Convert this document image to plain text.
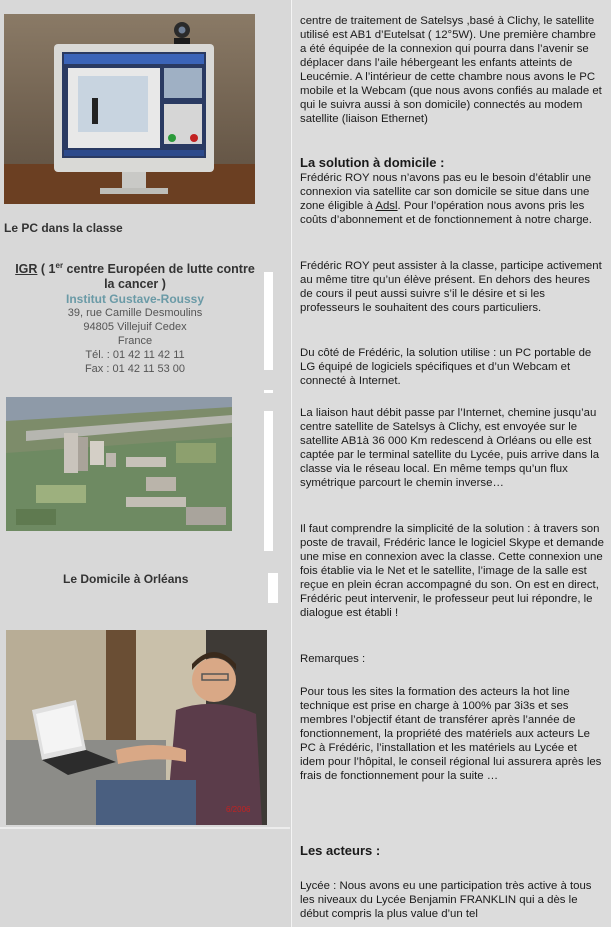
Le PC dans la classe
IGR ( 1er centre Européen de lutte contre la cancer )
Institut Gustave-Roussy
39, rue Camille Desmoulins
94805 Villejuif Cedex
France
Tél. : 01 42 11 42 11
Fax : 01 42 11 53 00
Le Domicile à Orléans
6/2006

centre de traitement de Satelsys ,basé à Clichy, le satellite utilisé est AB1 d’Eutelsat ( 12°5W). Une première chambre a été équipée de la connexion qui pourra dans l’avenir se déplacer dans l’aile hébergeant les enfants atteints de Leucémie. A l’intérieur de cette chambre nous avons le PC mobile et la Webcam (que nous avons confiés au malade et qui le suivra aussi à son domicile) connectés au modem satellite (liaison Ethernet)

La solution à domicile :

Frédéric ROY nous n’avons pas eu le besoin d’établir une connexion via satellite car son domicile se situe dans une zone éligible à Adsl. Pour l’opération nous avons pris les coûts d’abonnement et de fonctionnement à notre charge.

Frédéric ROY peut assister à la classe, participe activement au même titre qu’un élève présent. En dehors des heures de cours il peut aussi suivre s’il le désire et si les professeurs le souhaitent des cours particuliers.
Du côté de Frédéric, la solution utilise : un PC portable de LG équipé de logiciels spécifiques et d’un Webcam et connecté à Internet.
La liaison haut débit passe par l’Internet, chemine jusqu’au centre satellite de Satelsys à Clichy, est envoyée sur le satellite AB1à 36 000 Km redescend à Orléans ou elle est captée par le terminal satellite du Lycée, puis arrive dans la classe via le réseau local. En même temps qu’un flux symétrique parcourt le chemin inverse…
Il faut comprendre la simplicité de la solution : à travers son poste de travail, Frédéric lance le logiciel Skype et demande une mise en connexion avec la classe. Cette connexion une fois établie via le Net et le satellite, l’image de la salle est reçue en plein écran accompagné du son. On est en direct, Frédéric peut intervenir, le professeur peut lui répondre, le dialogue est établi !
Remarques :
Pour tous les sites la formation des acteurs la hot line technique est prise en charge à 100% par 3i3s et ses membres l’objectif étant de transférer après l’année de fonctionnement, la propriété des matériels aux acteurs Le PC à Frédéric, l’installation et les matériels au Lycée et idem pour l’hôpital, le conseil régional lui assurera après les frais de fonctionnement pour la suite …
Les acteurs :
Lycée : Nous avons eu une participation très active à tous les niveaux du Lycée Benjamin FRANKLIN qui a dès le début compris la plus value d’un tel
